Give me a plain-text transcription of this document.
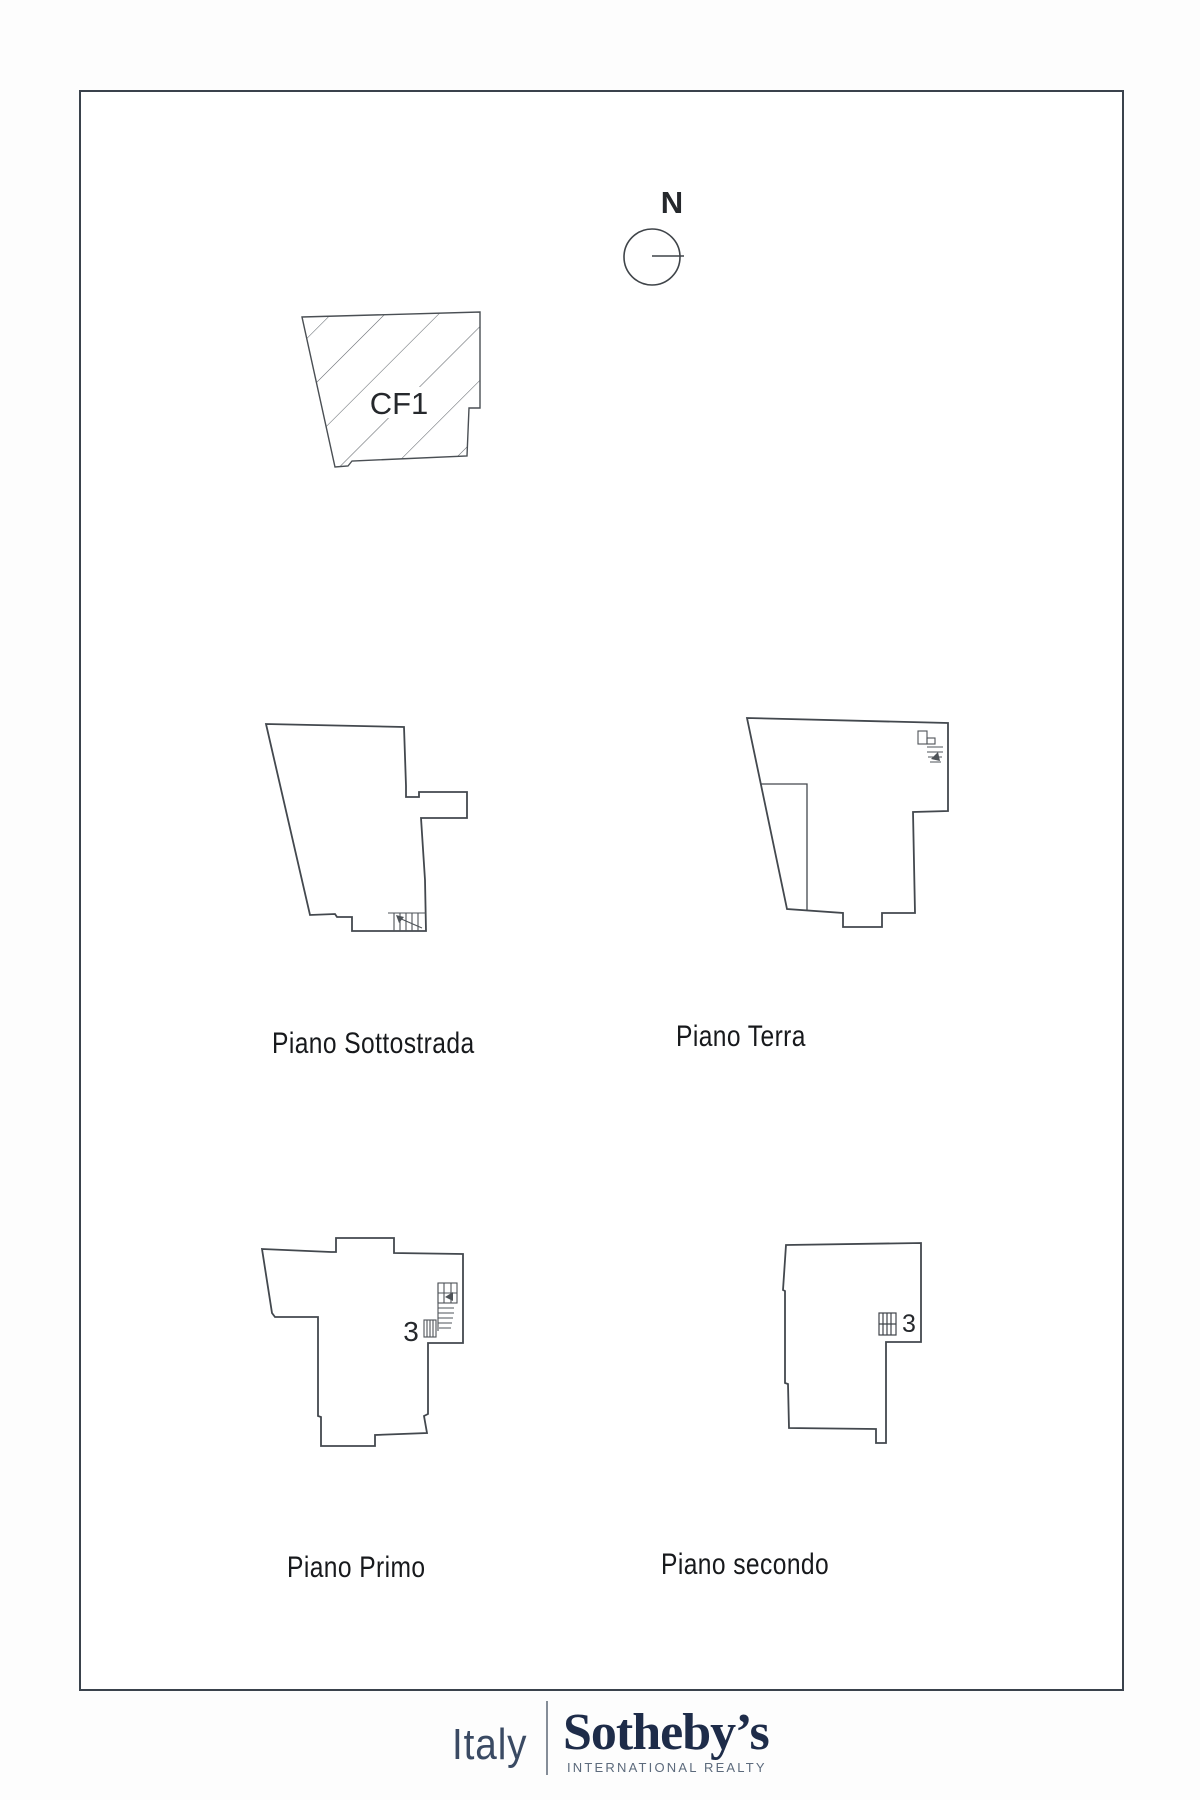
N
CF1
3	3
Piano Sottostrada	Piano Terra
Piano Primo	Piano secondo
Italy Sotheby’s
INTERNATIONAL REALTY
